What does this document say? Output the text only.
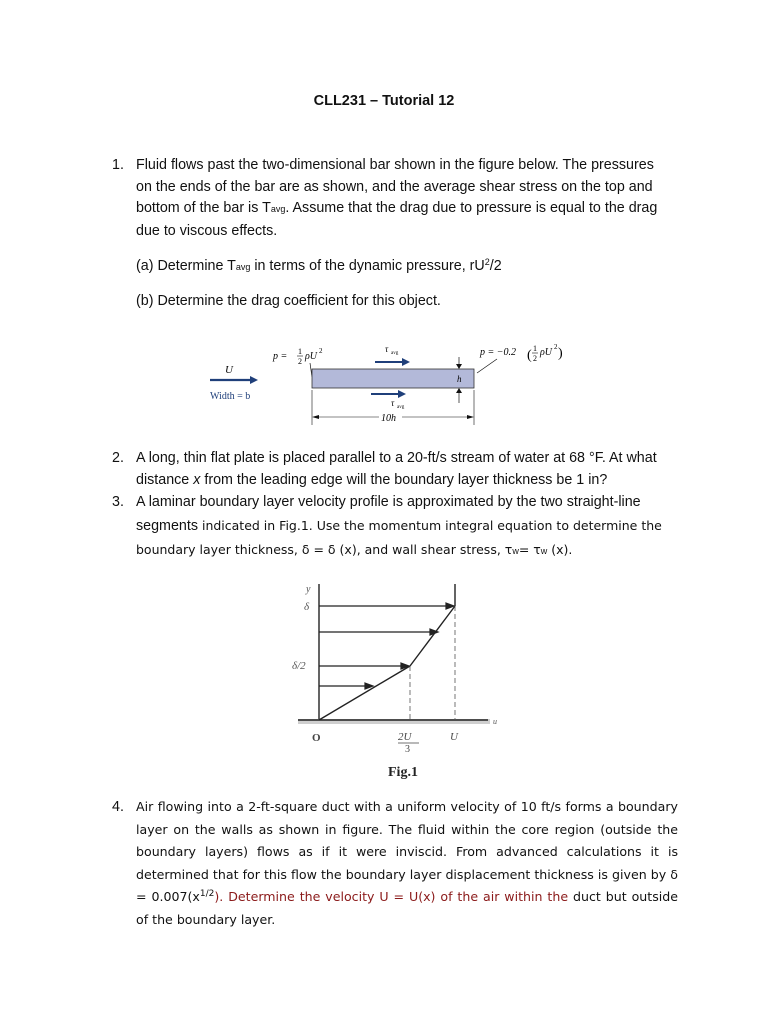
CLL231 – Tutorial 12
1. Fluid flows past the two-dimensional bar shown in the figure below. The pressures on the ends of the bar are as shown, and the average shear stress on the top and bottom of the bar is Tavg. Assume that the drag due to pressure is equal to the drag due to viscous effects.
(a) Determine Tavg in terms of the dynamic pressure, $rU^2/2$
(b) Determine the drag coefficient for this object.
U
Width = b
p = 1
2 ρU 2	τ avg
h
p = −0.2 ( 1
2
ρU 2 )
τ avg
10h
2. A long, thin flat plate is placed parallel to a 20-ft/s stream of water at 68 °F. At what distance x from the leading edge will the boundary layer thickness be 1 in?
3. A laminar boundary layer velocity profile is approximated by the two straight-line segments indicated in Fig.1. Use the momentum integral equation to determine the boundary layer thickness, δ = δ (x), and wall shear stress, τw= τw (x).
y
δ
δ/2
u
O	2U
3
U
Fig.1
4. Air flowing into a 2-ft-square duct with a uniform velocity of 10 ft/s forms a boundary layer on the walls as shown in figure. The fluid within the core region (outside the boundary layers) flows as if it were inviscid. From advanced calculations it is determined that for this flow the boundary layer displacement thickness is given by $\delta = 0.007(x^{1/2})$. Determine the velocity U = U(x) of the air within the duct but outside of the boundary layer.
